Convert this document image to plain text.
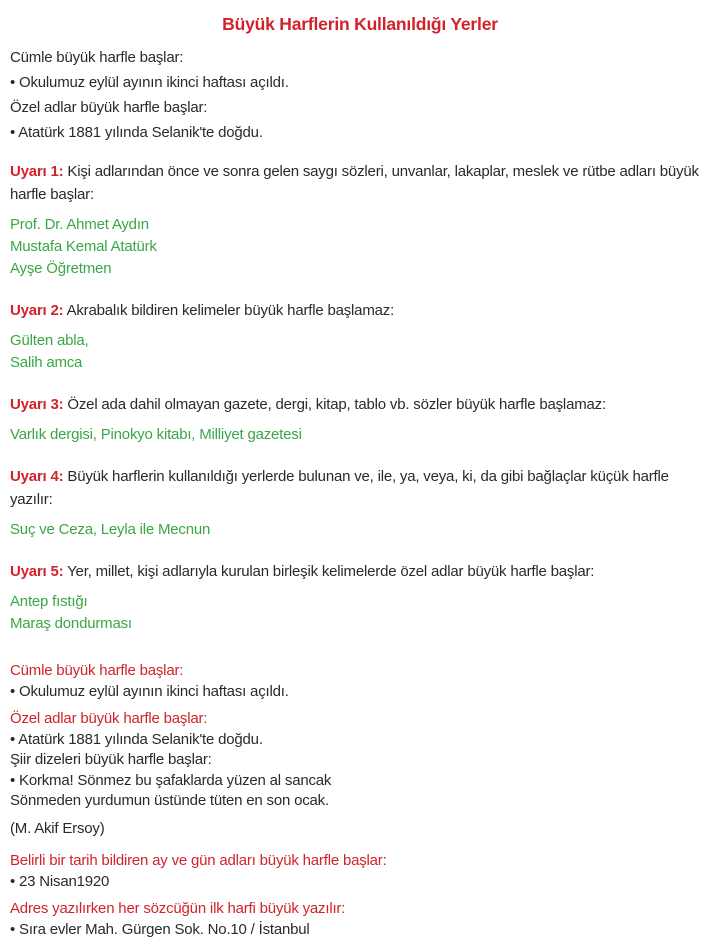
Büyük Harflerin Kullanıldığı Yerler

Cümle büyük harfle başlar:

• Okulumuz eylül ayının ikinci haftası açıldı.

Özel adlar büyük harfle başlar:

• Atatürk 1881 yılında Selanik'te doğdu.

Uyarı 1: Kişi adlarından önce ve sonra gelen saygı sözleri, unvanlar, lakaplar, meslek ve rütbe adları büyük harfle başlar:

Prof. Dr. Ahmet Aydın
Mustafa Kemal Atatürk
Ayşe Öğretmen

Uyarı 2: Akrabalık bildiren kelimeler büyük harfle başlamaz:

Gülten abla,
Salih amca

Uyarı 3: Özel ada dahil olmayan gazete, dergi, kitap, tablo vb. sözler büyük harfle başlamaz:

Varlık dergisi, Pinokyo kitabı, Milliyet gazetesi

Uyarı 4: Büyük harflerin kullanıldığı yerlerde bulunan ve, ile, ya, veya, ki, da gibi bağlaçlar küçük harfle yazılır:

Suç ve Ceza, Leyla ile Mecnun

Uyarı 5: Yer, millet, kişi adlarıyla kurulan birleşik kelimelerde özel adlar büyük harfle başlar:

Antep fıstığı
Maraş dondurması

Cümle büyük harfle başlar:

• Okulumuz eylül ayının ikinci haftası açıldı.

Özel adlar büyük harfle başlar:

• Atatürk 1881 yılında Selanik'te doğdu.

Şiir dizeleri büyük harfle başlar:

• Korkma! Sönmez bu şafaklarda yüzen al sancak

Sönmeden yurdumun üstünde tüten en son ocak.

(M. Akif Ersoy)

Belirli bir tarih bildiren ay ve gün adları büyük harfle başlar:

• 23 Nisan1920

Adres yazılırken her sözcüğün ilk harfi büyük yazılır:

• Sıra evler Mah. Gürgen Sok. No.10 / İstanbul
